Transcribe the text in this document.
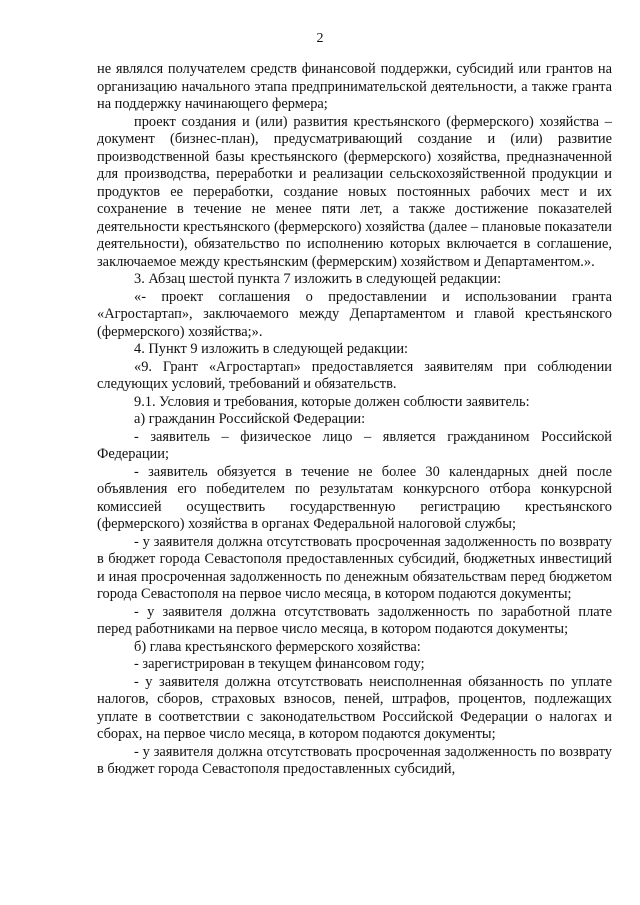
2

не являлся получателем средств финансовой поддержки, субсидий или грантов на организацию начального этапа предпринимательской деятельности, а также гранта на поддержку начинающего фермера;

проект создания и (или) развития крестьянского (фермерского) хозяйства – документ (бизнес-план), предусматривающий создание и (или) развитие производственной базы крестьянского (фермерского) хозяйства, предназначенной для производства, переработки и реализации сельскохозяйственной продукции и продуктов ее переработки, создание новых постоянных рабочих мест и их сохранение в течение не менее пяти лет, а также достижение показателей деятельности крестьянского (фермерского) хозяйства (далее – плановые показатели деятельности), обязательство по исполнению которых включается в соглашение, заключаемое между крестьянским (фермерским) хозяйством и Департаментом.».

3. Абзац шестой пункта 7 изложить в следующей редакции:

«- проект соглашения о предоставлении и использовании гранта «Агростартап», заключаемого между Департаментом и главой крестьянского (фермерского) хозяйства;».

4. Пункт 9 изложить в следующей редакции:

«9. Грант «Агростартап» предоставляется заявителям при соблюдении следующих условий, требований и обязательств.

9.1. Условия и требования, которые должен соблюсти заявитель:

а) гражданин Российской Федерации:

- заявитель – физическое лицо – является гражданином Российской Федерации;

- заявитель обязуется в течение не более 30 календарных дней после объявления его победителем по результатам конкурсного отбора конкурсной комиссией осуществить государственную регистрацию крестьянского (фермерского) хозяйства в органах Федеральной налоговой службы;

- у заявителя должна отсутствовать просроченная задолженность по возврату в бюджет города Севастополя предоставленных субсидий, бюджетных инвестиций и иная просроченная задолженность по денежным обязательствам перед бюджетом города Севастополя на первое число месяца, в котором подаются документы;

- у заявителя должна отсутствовать задолженность по заработной плате перед работниками на первое число месяца, в котором подаются документы;

б) глава крестьянского фермерского хозяйства:

- зарегистрирован в текущем финансовом году;

- у заявителя должна отсутствовать неисполненная обязанность по уплате налогов, сборов, страховых взносов, пеней, штрафов, процентов, подлежащих уплате в соответствии с законодательством Российской Федерации о налогах и сборах, на первое число месяца, в котором подаются документы;

- у заявителя должна отсутствовать просроченная задолженность по возврату в бюджет города Севастополя предоставленных субсидий,
